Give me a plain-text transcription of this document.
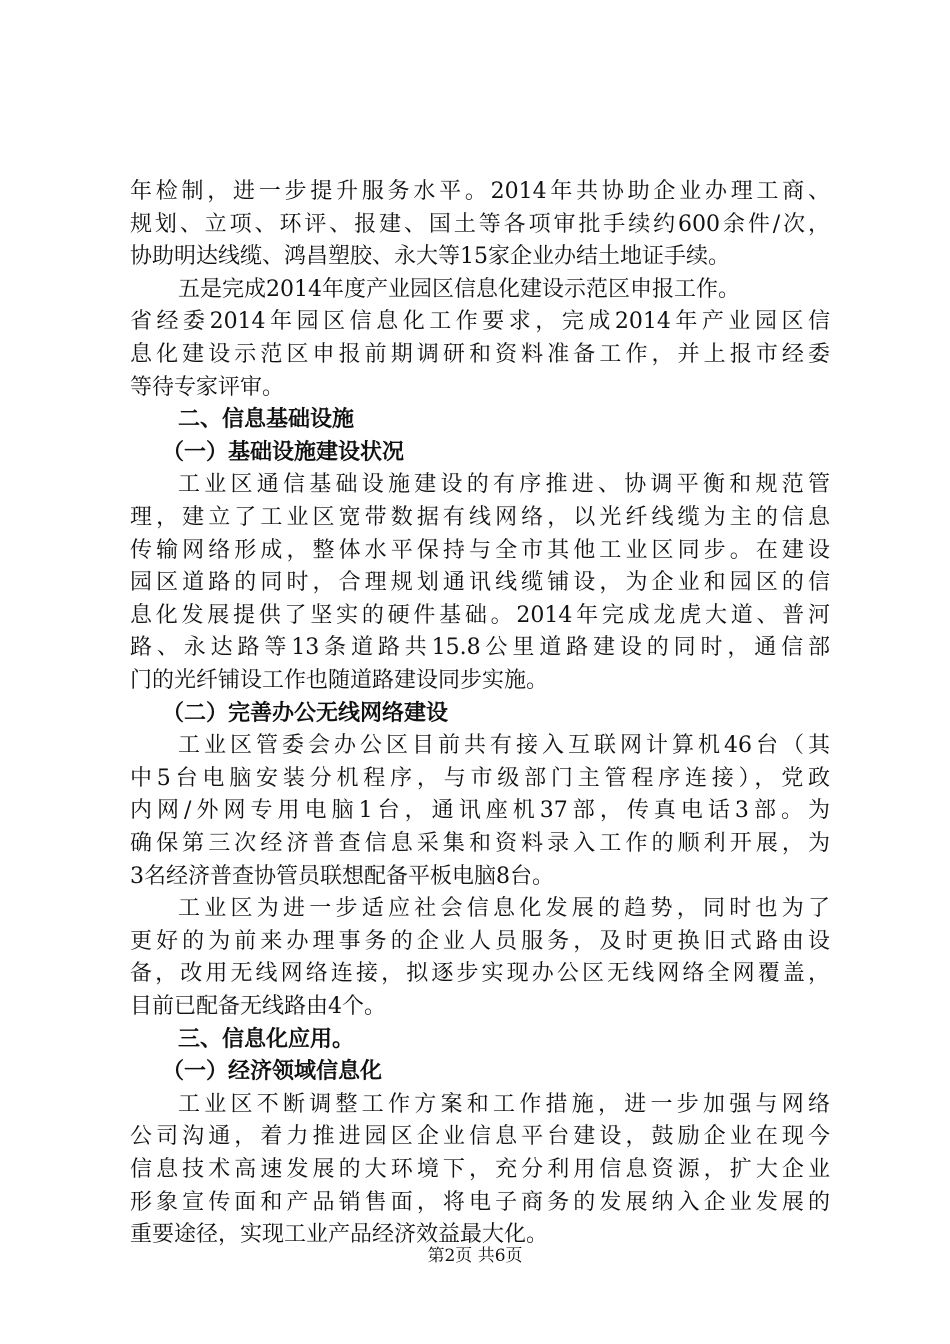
年检制，进一步提升服务水平。2014年共协助企业办理工商、
规划、立项、环评、报建、国土等各项审批手续约600余件/次，
协助明达线缆、鸿昌塑胶、永大等15家企业办结土地证手续。
五是完成2014年度产业园区信息化建设示范区申报工作。
省经委2014年园区信息化工作要求，完成2014年产业园区信
息化建设示范区申报前期调研和资料准备工作，并上报市经委
等待专家评审。
二、信息基础设施
（一）基础设施建设状况
工业区通信基础设施建设的有序推进、协调平衡和规范管
理，建立了工业区宽带数据有线网络，以光纤线缆为主的信息
传输网络形成，整体水平保持与全市其他工业区同步。在建设
园区道路的同时，合理规划通讯线缆铺设，为企业和园区的信
息化发展提供了坚实的硬件基础。2014年完成龙虎大道、普河
路、永达路等13条道路共15.8公里道路建设的同时，通信部
门的光纤铺设工作也随道路建设同步实施。
（二）完善办公无线网络建设
工业区管委会办公区目前共有接入互联网计算机46台（其
中5台电脑安装分机程序，与市级部门主管程序连接），党政
内网/外网专用电脑1台，通讯座机37部，传真电话3部。为
确保第三次经济普查信息采集和资料录入工作的顺利开展，为
3名经济普查协管员联想配备平板电脑8台。
工业区为进一步适应社会信息化发展的趋势，同时也为了
更好的为前来办理事务的企业人员服务，及时更换旧式路由设
备，改用无线网络连接，拟逐步实现办公区无线网络全网覆盖，
目前已配备无线路由4个。
三、信息化应用。
（一）经济领域信息化
工业区不断调整工作方案和工作措施，进一步加强与网络
公司沟通，着力推进园区企业信息平台建设，鼓励企业在现今
信息技术高速发展的大环境下，充分利用信息资源，扩大企业
形象宣传面和产品销售面，将电子商务的发展纳入企业发展的
重要途径，实现工业产品经济效益最大化。
第2页 共6页
